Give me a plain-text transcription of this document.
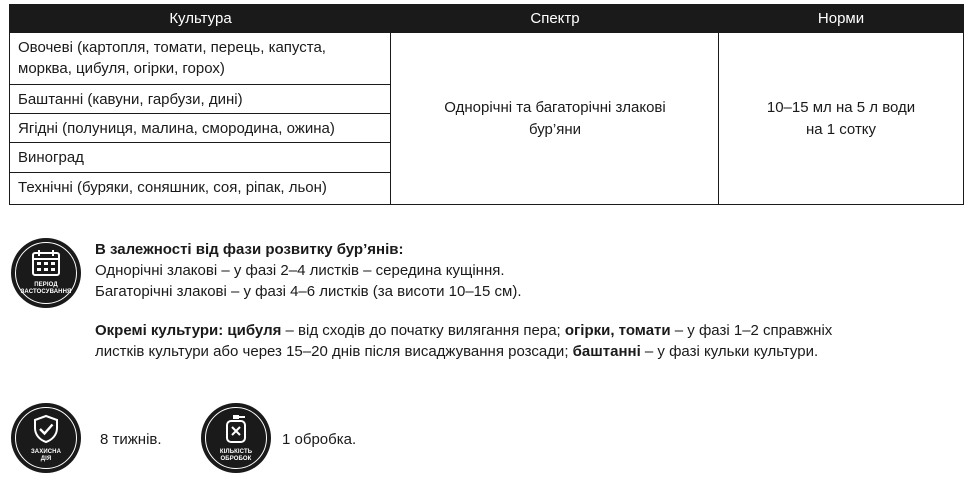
Культура	Спектр	Норми
Овочеві (картопля, томати, перець, капуста,
морква, цибуля, огірки, горох)
Баштанні (кавуни, гарбузи, дині)
Ягідні (полуниця, малина, смородина, ожина)
Виноград
Технічні (буряки, соняшник, соя, ріпак, льон)
Однорічні та багаторічні злакові
бур’яни
10–15 мл на 5 л води
на 1 сотку
ПЕРІОД
ЗАСТОСУВАННЯ
В залежності від фази розвитку бур’янів:
Однорічні злакові – у фазі 2–4 листків – середина кущіння.
Багаторічні злакові – у фазі 4–6 листків (за висоти 10–15 см).
Окремі культури: цибуля – від сходів до початку вилягання пера; огірки, томати – у фазі 1–2 справжніх
листків культури або через 15–20 днів після висаджування розсади; баштанні – у фазі кульки культури.
ЗАХИСНА
ДІЯ
8 тижнів.
КІЛЬКІСТЬ
ОБРОБОК
1 обробка.
